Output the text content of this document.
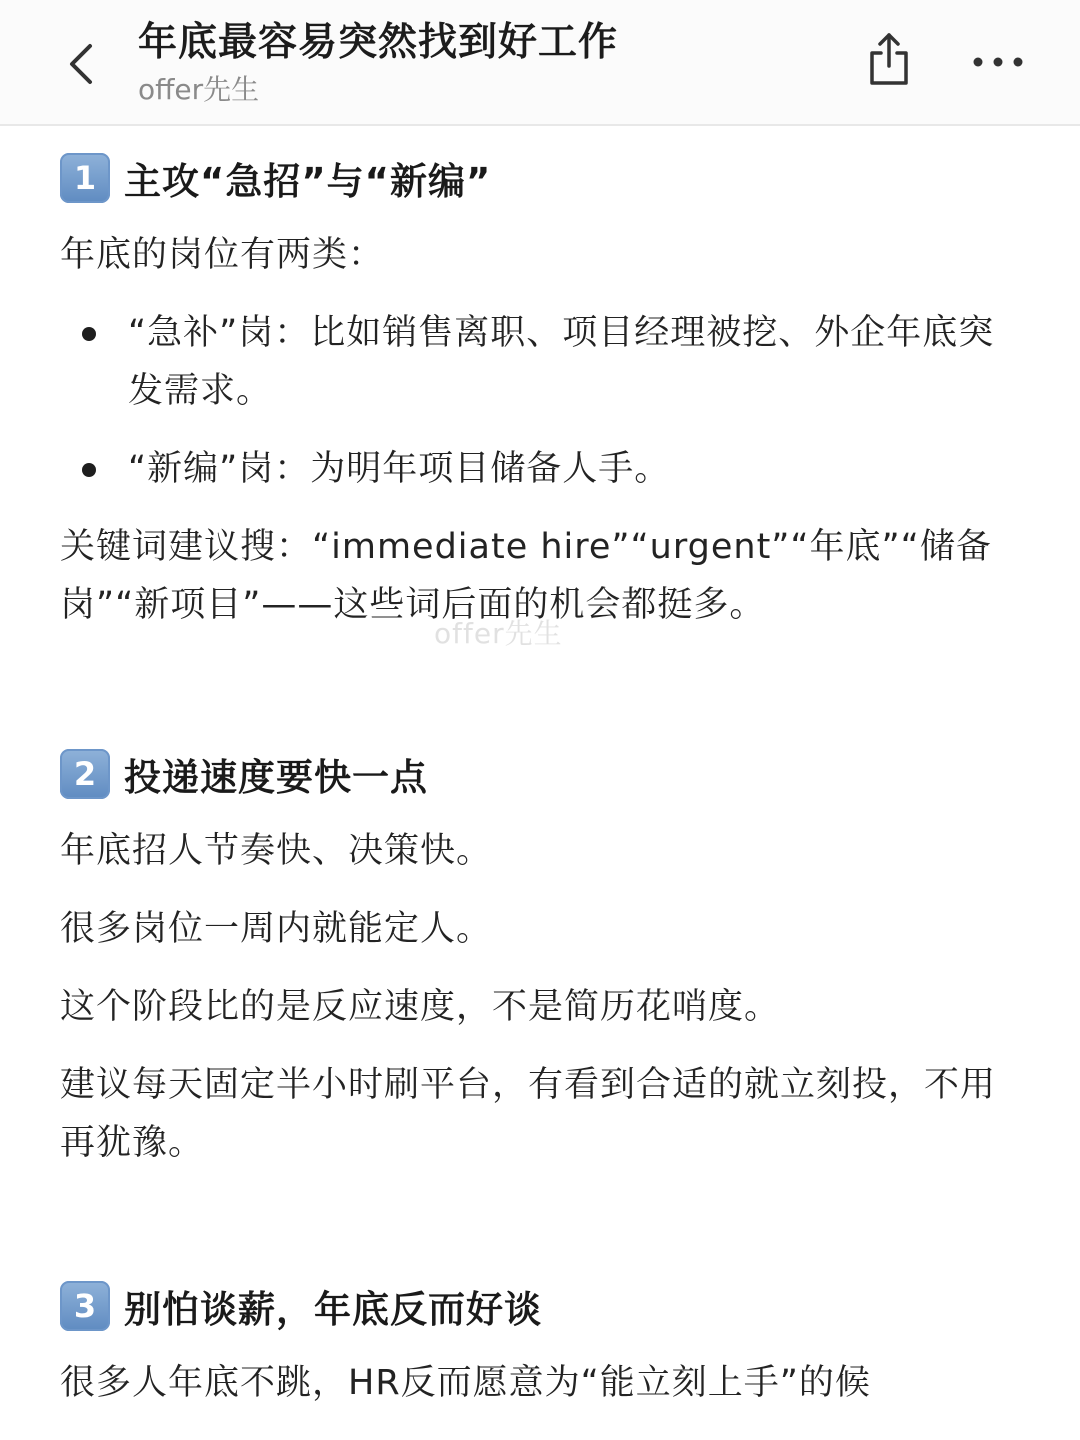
年底最容易突然找到好工作
offer先生
1 主攻“急招”与“新编”

年底的岗位有两类：

“急补”岗：比如销售离职、项目经理被挖、外企年底突发需求。

“新编”岗：为明年项目储备人手。

关键词建议搜：“immediate hire”“urgent”“年底”“储备岗”“新项目”——这些词后面的机会都挺多。

2 投递速度要快一点

年底招人节奏快、决策快。

很多岗位一周内就能定人。

这个阶段比的是反应速度，不是简历花哨度。

建议每天固定半小时刷平台，有看到合适的就立刻投，不用再犹豫。

3 别怕谈薪，年底反而好谈

很多人年底不跳，HR反而愿意为“能立刻上手”的候

offer先生
